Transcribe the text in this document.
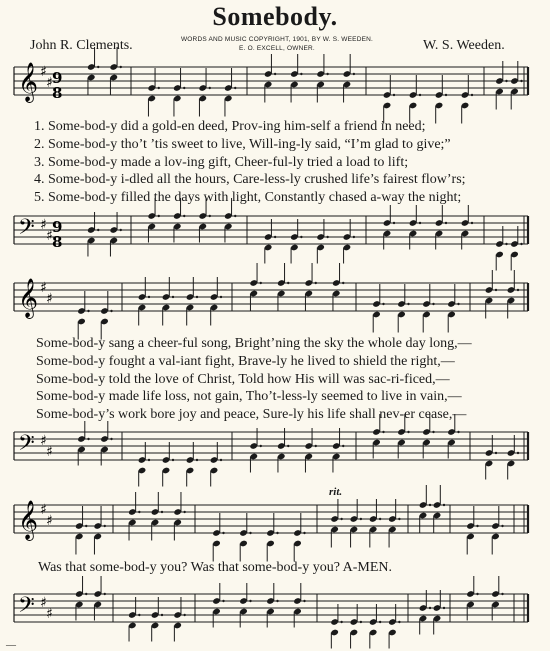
Somebody.
John R. Clements.	WORDS AND MUSIC COPYRIGHT, 1901, BY W. S. WEEDEN.
E. O. EXCELL, OWNER.	W. S. Weeden.
𝄞 ♯
♯
𝄢 ♯
♯
𝄞 ♯
♯
𝄢 ♯
♯
𝄞 ♯
♯
𝄢 ♯
♯
9
8
9
8
1. Some-bod-y did a gold-en deed, Prov-ing him-self a friend in need;
2. Some-bod-y tho’t ’tis sweet to live, Will-ing-ly said, “I’m glad to give;”
3. Some-bod-y made a lov-ing gift, Cheer-ful-ly tried a load to lift;
4. Some-bod-y i-dled all the hours, Care-less-ly crushed life’s fairest flow’rs;
5. Some-bod-y filled the days with light, Constantly chased a-way the night;
Some-bod-y sang a cheer-ful song, Bright’ning the sky the whole day long,—
Some-bod-y fought a val-iant fight, Brave-ly he lived to shield the right,—
Some-bod-y told the love of Christ, Told how His will was sac-ri-ficed,—
Some-bod-y made life loss, not gain, Tho’t-less-ly seemed to live in vain,—
Some-bod-y’s work bore joy and peace, Sure-ly his life shall nev-er cease,—
rit.
Was that some-bod-y you? Was that some-bod-y you? A-MEN.
—
